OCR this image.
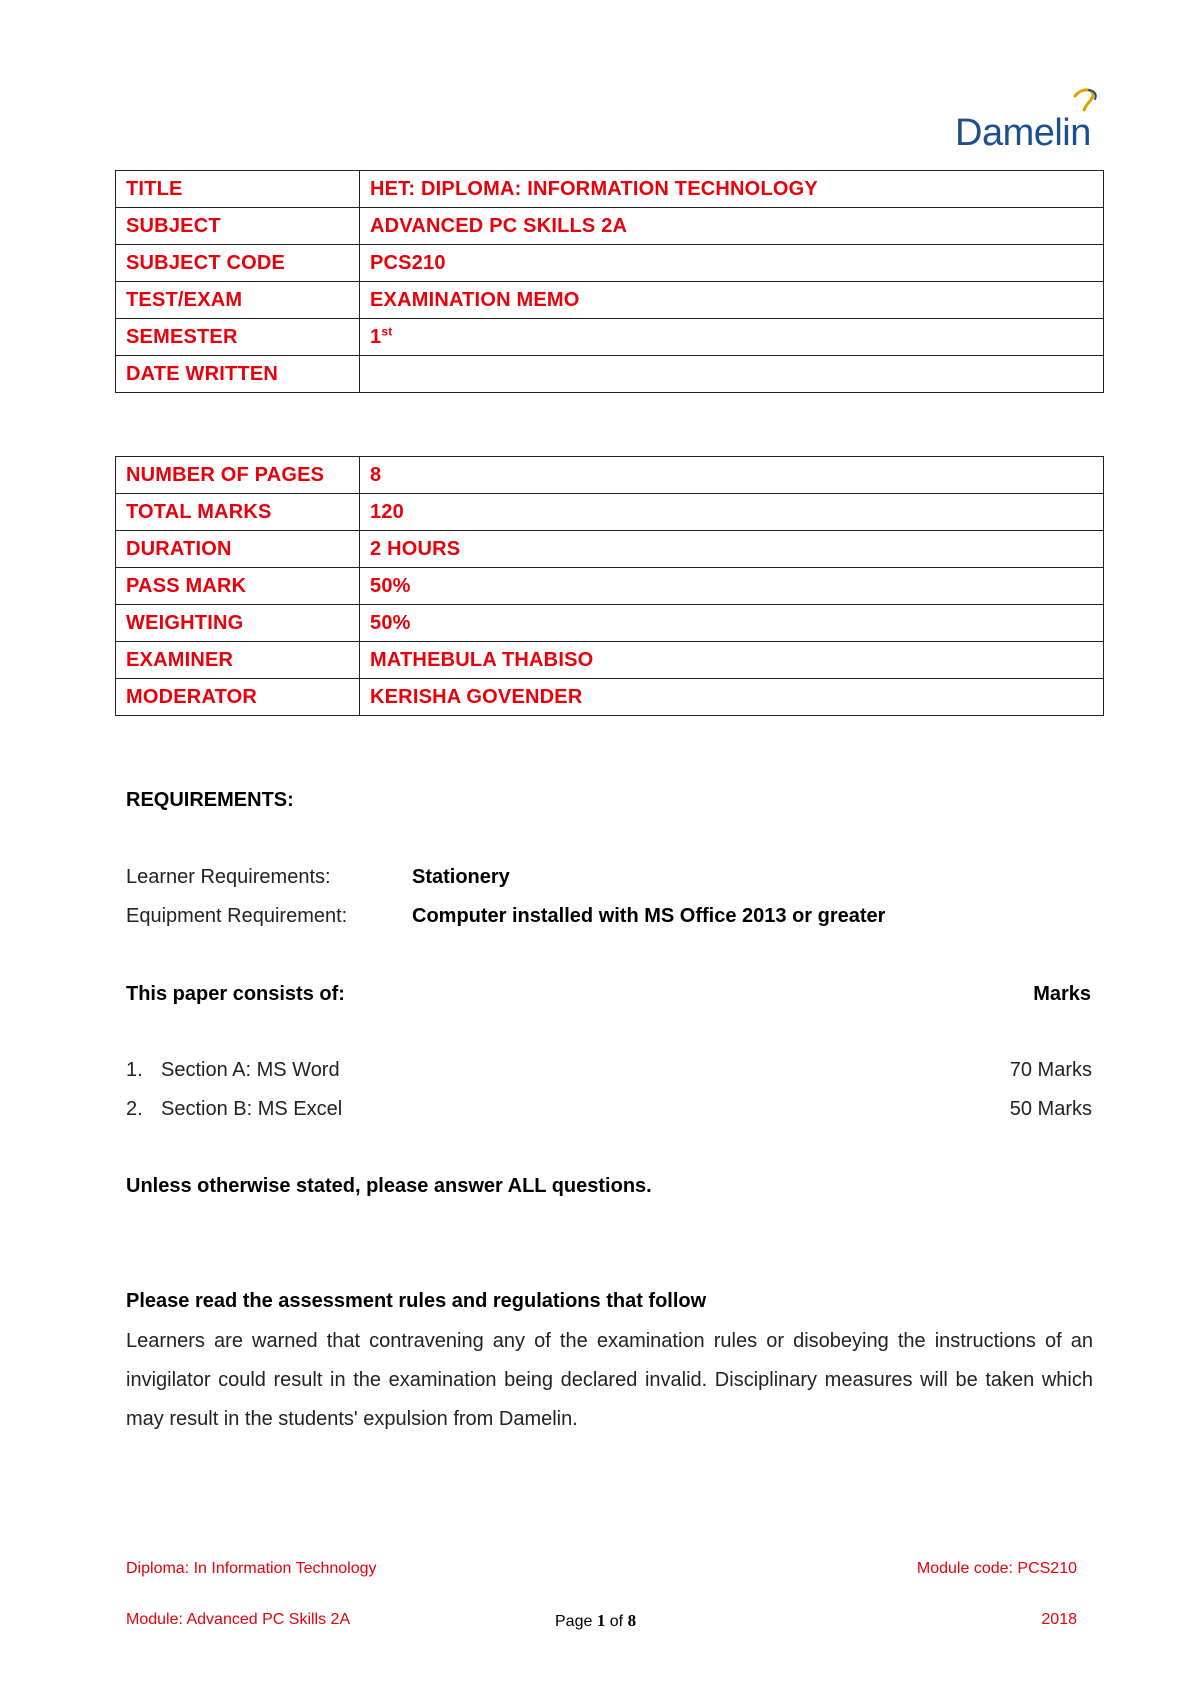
Damelin
TITLE	HET: DIPLOMA: INFORMATION TECHNOLOGY
SUBJECT	ADVANCED PC SKILLS 2A
SUBJECT CODE	PCS210
TEST/EXAM	EXAMINATION MEMO
SEMESTER	1st
DATE WRITTEN	
NUMBER OF PAGES	8
TOTAL MARKS	120
DURATION	2 HOURS
PASS MARK	50%
WEIGHTING	50%
EXAMINER	MATHEBULA THABISO
MODERATOR	KERISHA GOVENDER
REQUIREMENTS:
Learner Requirements:	Stationery
Equipment Requirement:	Computer installed with MS Office 2013 or greater
This paper consists of:	Marks
1. Section A: MS Word	70 Marks
2. Section B: MS Excel	50 Marks
Unless otherwise stated, please answer ALL questions.
Please read the assessment rules and regulations that follow
Learners are warned that contravening any of the examination rules or disobeying the instructions of an invigilator could result in the examination being declared invalid. Disciplinary measures will be taken which may result in the students' expulsion from Damelin.
Diploma: In Information Technology	Module code: PCS210
Module: Advanced PC Skills 2A	Page 1 of 8	2018
